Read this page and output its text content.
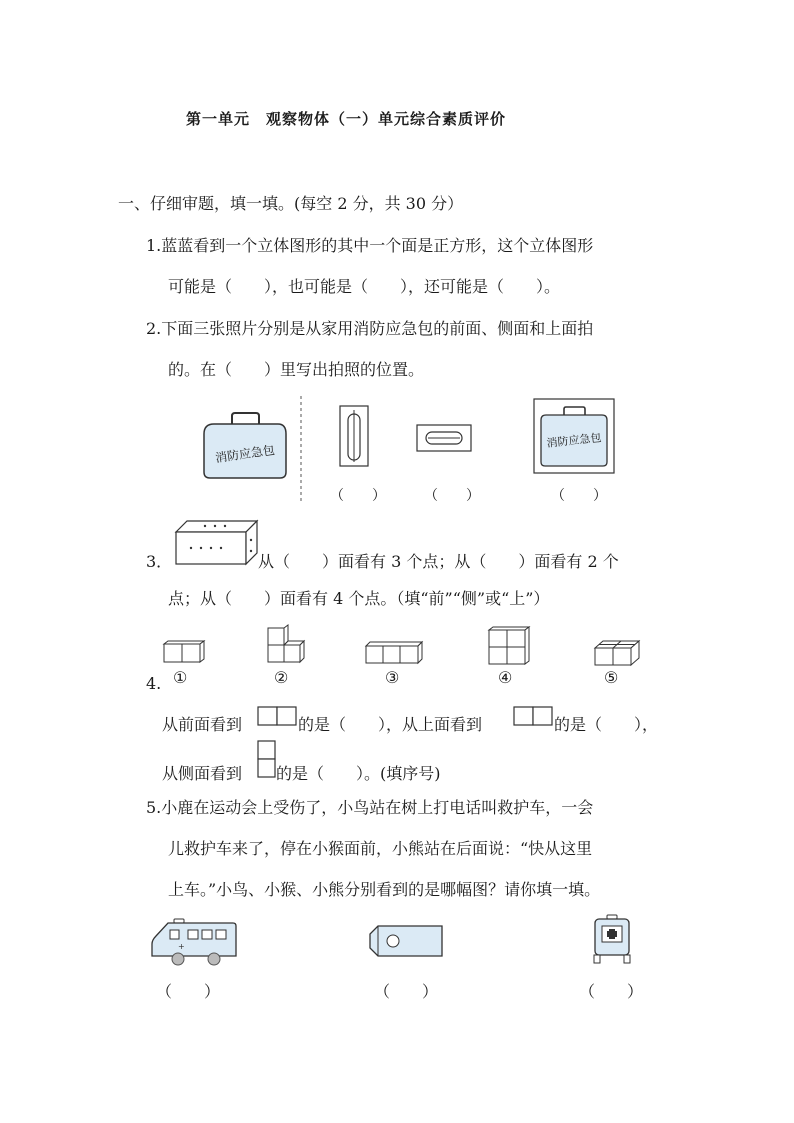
第一单元　观察物体（一）单元综合素质评价
一、仔细审题，填一填。(每空 2 分，共 30 分）
1.蓝蓝看到一个立体图形的其中一个面是正方形，这个立体图形
可能是（　　），也可能是（　　），还可能是（　　）。
2.下面三张照片分别是从家用消防应急包的前面、侧面和上面拍
的。在（　　）里写出拍照的位置。
消防应急包
消防应急包
（　　）	（　　）	（　　）
3．	从（　　）面看有 3 个点；从（　　）面看有 2 个
点；从（　　）面看有 4 个点。（填“前”“侧”或“上”）
4. ①	②	③	④	⑤
从前面看到	的是（　　），从上面看到	的是（　　），
从侧面看到 的是（　　）。(填序号)
5.小鹿在运动会上受伤了，小鸟站在树上打电话叫救护车，一会
儿救护车来了，停在小猴面前，小熊站在后面说：“快从这里
上车。”小鸟、小猴、小熊分别看到的是哪幅图？请你填一填。
+
（　　）	（　　）	（　　）
